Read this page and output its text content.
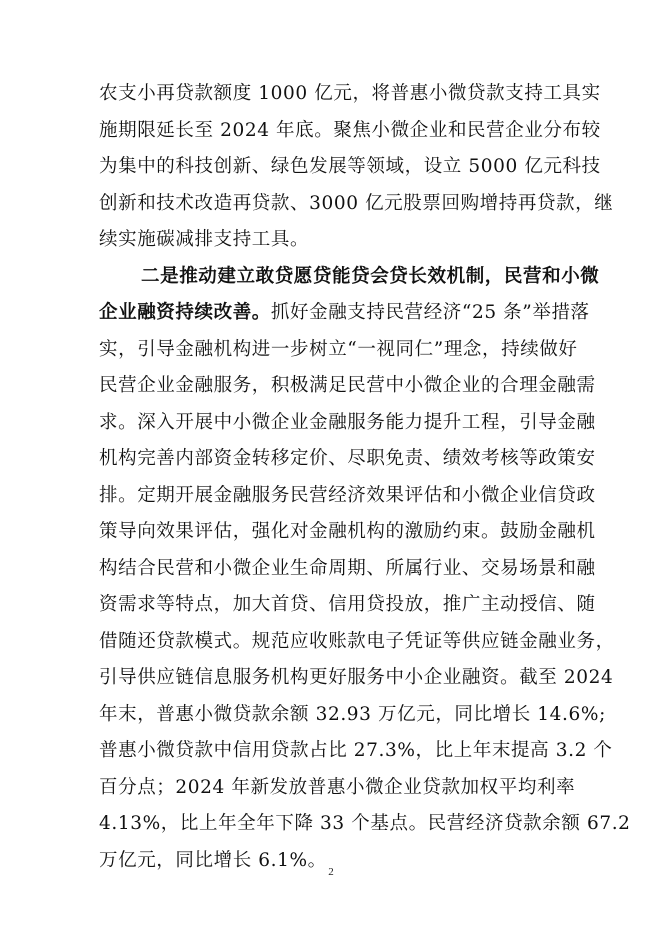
农支小再贷款额度 1000 亿元，将普惠小微贷款支持工具实
施期限延长至 2024 年底。聚焦小微企业和民营企业分布较
为集中的科技创新、绿色发展等领域，设立 5000 亿元科技
创新和技术改造再贷款、3000 亿元股票回购增持再贷款，继
续实施碳减排支持工具。
二是推动建立敢贷愿贷能贷会贷长效机制，民营和小微
企业融资持续改善。抓好金融支持民营经济“25 条”举措落
实，引导金融机构进一步树立“一视同仁”理念，持续做好
民营企业金融服务，积极满足民营中小微企业的合理金融需
求。深入开展中小微企业金融服务能力提升工程，引导金融
机构完善内部资金转移定价、尽职免责、绩效考核等政策安
排。定期开展金融服务民营经济效果评估和小微企业信贷政
策导向效果评估，强化对金融机构的激励约束。鼓励金融机
构结合民营和小微企业生命周期、所属行业、交易场景和融
资需求等特点，加大首贷、信用贷投放，推广主动授信、随
借随还贷款模式。规范应收账款电子凭证等供应链金融业务，
引导供应链信息服务机构更好服务中小企业融资。截至 2024
年末，普惠小微贷款余额 32.93 万亿元，同比增长 14.6%;
普惠小微贷款中信用贷款占比 27.3%，比上年末提高 3.2 个
百分点；2024 年新发放普惠小微企业贷款加权平均利率
4.13%，比上年全年下降 33 个基点。民营经济贷款余额 67.2
万亿元，同比增长 6.1%。
2
